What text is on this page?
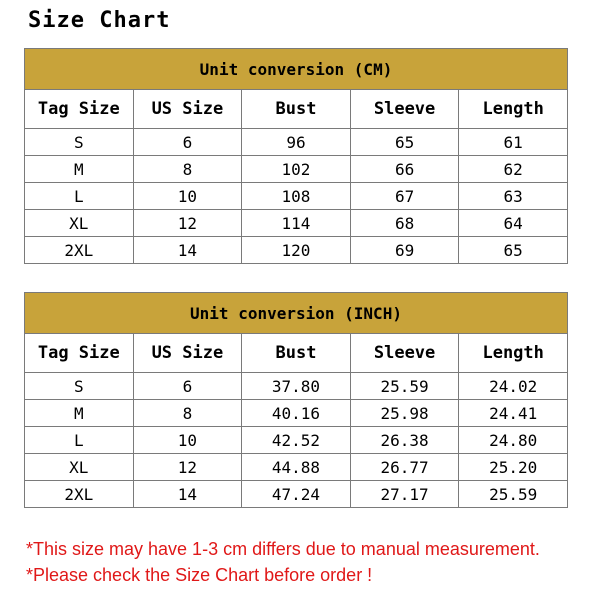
Size Chart
Unit conversion (CM)				
Tag Size	US Size	Bust	Sleeve	Length
S	6	96	65	61
M	8	102	66	62
L	10	108	67	63
XL	12	114	68	64
2XL	14	120	69	65
Unit conversion (INCH)				
Tag Size	US Size	Bust	Sleeve	Length
S	6	37.80	25.59	24.02
M	8	40.16	25.98	24.41
L	10	42.52	26.38	24.80
XL	12	44.88	26.77	25.20
2XL	14	47.24	27.17	25.59
*This size may have 1-3 cm differs due to manual measurement.
*Please check the Size Chart before order !
